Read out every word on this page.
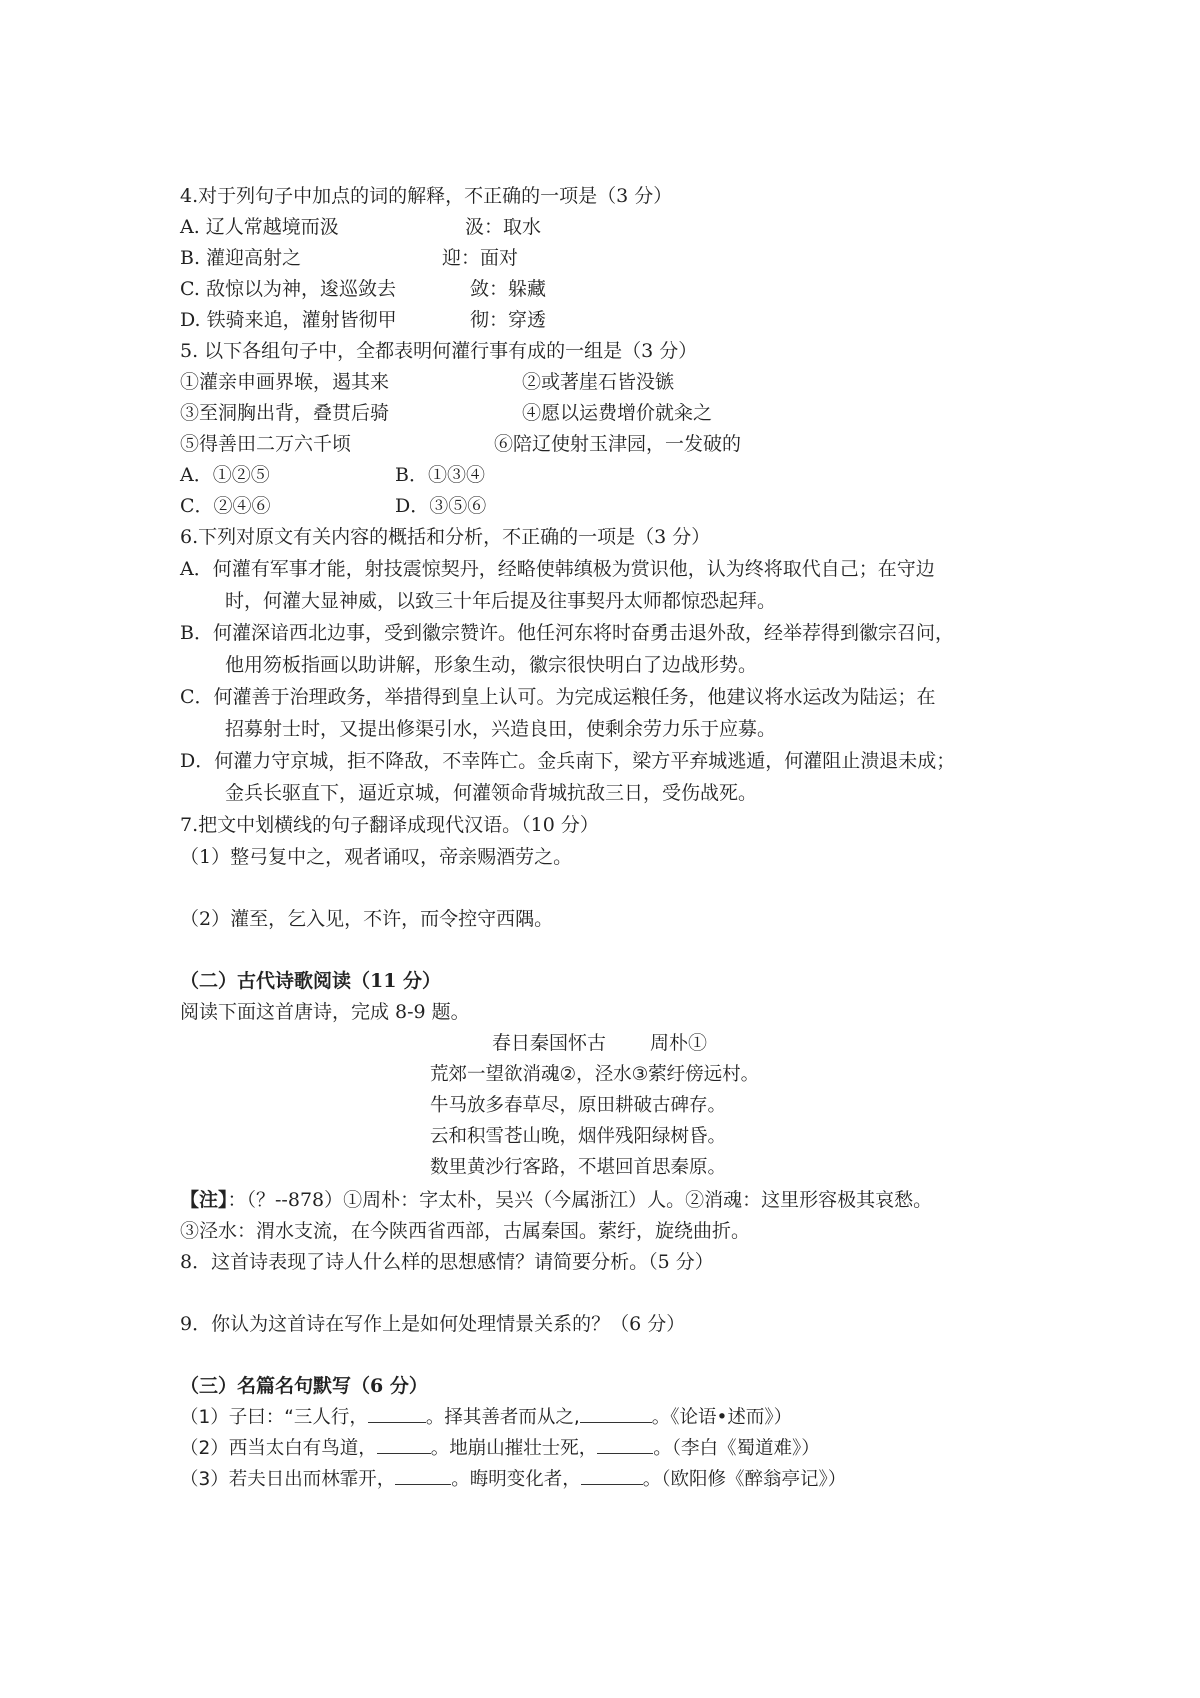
4.对于列句子中加点的词的解释，不正确的一项是（3 分）
A. 辽人常越境而汲	汲：取水
B. 灌迎高射之	迎：面对
C. 敌惊以为神，逡巡敛去	敛：躲藏
D. 铁骑来追，灌射皆彻甲	彻：穿透
5. 以下各组句子中，全都表明何灌行事有成的一组是（3 分）
①灌亲申画界堠，遏其来	②或著崖石皆没镞
③至洞胸出背，叠贯后骑	④愿以运费增价就籴之
⑤得善田二万六千顷	⑥陪辽使射玉津园，一发破的
A．①②⑤	B．①③④
C．②④⑥	D．③⑤⑥
6.下列对原文有关内容的概括和分析，不正确的一项是（3 分）
A．何灌有军事才能，射技震惊契丹，经略使韩缜极为赏识他，认为终将取代自己；在守边
时，何灌大显神威，以致三十年后提及往事契丹太师都惊恐起拜。
B．何灌深谙西北边事，受到徽宗赞许。他任河东将时奋勇击退外敌，经举荐得到徽宗召问，
他用笏板指画以助讲解，形象生动，徽宗很快明白了边战形势。
C．何灌善于治理政务，举措得到皇上认可。为完成运粮任务，他建议将水运改为陆运；在
招募射士时，又提出修渠引水，兴造良田，使剩余劳力乐于应募。
D．何灌力守京城，拒不降敌，不幸阵亡。金兵南下，梁方平弃城逃遁，何灌阻止溃退未成；
金兵长驱直下，逼近京城，何灌领命背城抗敌三日，受伤战死。
7.把文中划横线的句子翻译成现代汉语。（10 分）
（1）整弓复中之，观者诵叹，帝亲赐酒劳之。
（2）灌至，乞入见，不许，而令控守西隅。
（二）古代诗歌阅读（11 分）
阅读下面这首唐诗，完成 8-9 题。
春日秦国怀古 周朴①
荒郊一望欲消魂②，泾水③萦纡傍远村。
牛马放多春草尽，原田耕破古碑存。
云和积雪苍山晚，烟伴残阳绿树昏。
数里黄沙行客路，不堪回首思秦原。
【注】：（？--878）①周朴：字太朴，吴兴（今属浙江）人。②消魂：这里形容极其哀愁。
③泾水：渭水支流，在今陕西省西部，古属秦国。萦纡，旋绕曲折。
8．这首诗表现了诗人什么样的思想感情？请简要分析。（5 分）
9．你认为这首诗在写作上是如何处理情景关系的？（6 分）
（三）名篇名句默写（6 分）
（1）子曰：“三人行，	。择其善者而从之,	。《论语•述而》）
（2）西当太白有鸟道，	。地崩山摧壮士死，	。（李白《蜀道难》）
（3）若夫日出而林霏开，	。晦明变化者，	。（欧阳修《醉翁亭记》）
